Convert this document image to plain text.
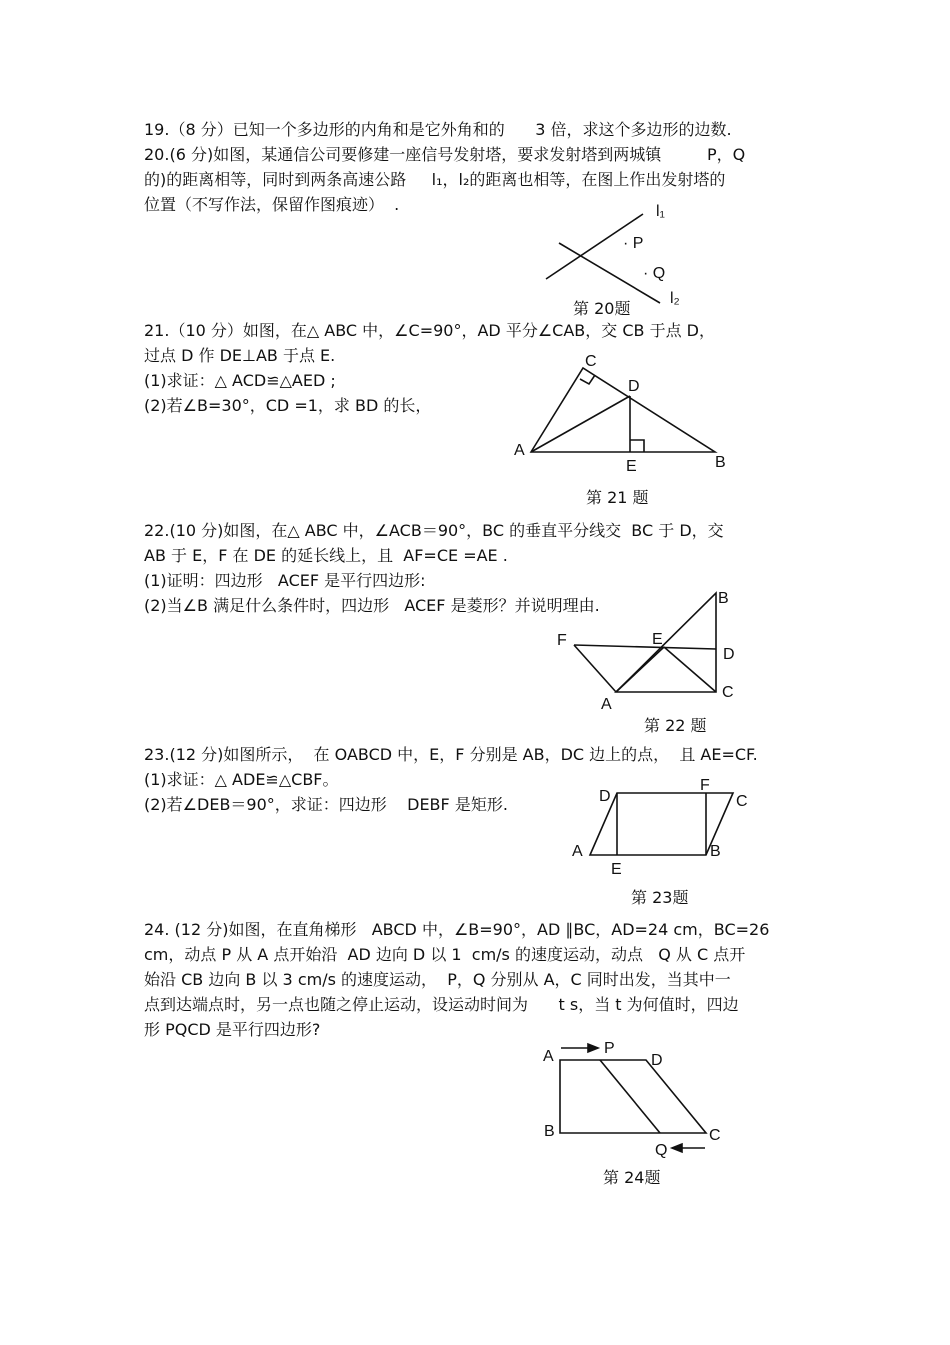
19.（8 分）已知一个多边形的内角和是它外角和的      3 倍，求这个多边形的边数.
20.(6 分)如图，某通信公司要修建一座信号发射塔，要求发射塔到两城镇         P，Q
的)的距离相等，同时到两条高速公路     l₁，l₂的距离也相等，在图上作出发射塔的
位置（不写作法，保留作图痕迹）  .	l₁
l₂
· P
· Q
第 20题
21.（10 分）如图，在△ ABC 中，∠C=90°，AD 平分∠CAB，交 CB 于点 D，
过点 D 作 DE⊥AB 于点 E.
(1)求证：△ ACD≌△AED ;
(2)若∠B=30°，CD =1，求 BD 的长，
C
D
A
E	B
第 21 题
22.(10 分)如图，在△ ABC 中，∠ACB＝90°，BC 的垂直平分线交  BC 于 D，交
AB 于 E，F 在 DE 的延长线上，且  AF=CE =AE .
(1)证明：四边形   ACEF 是平行四边形:
(2)当∠B 满足什么条件时，四边形   ACEF 是菱形？并说明理由.	B
F	E
D
C
A
第 22 题
23.(12 分)如图所示，  在 OABCD 中，E，F 分别是 AB，DC 边上的点，  且 AE=CF.
(1)求证：△ ADE≌△CBF。
(2)若∠DEB＝90°，求证：四边形    DEBF 是矩形.	D
F
C
A	B
E
第 23题
24. (12 分)如图，在直角梯形   ABCD 中，∠B=90°，AD ∥BC，AD=24 cm，BC=26
cm，动点 P 从 A 点开始沿  AD 边向 D 以 1  cm/s 的速度运动，动点   Q 从 C 点开
始沿 CB 边向 B 以 3 cm/s 的速度运动，  P，Q 分别从 A，C 同时出发，当其中一
点到达端点时，另一点也随之停止运动，设运动时间为      t s，当 t 为何值时，四边
形 PQCD 是平行四边形?
A	P
D
B	C
Q
第 24题
